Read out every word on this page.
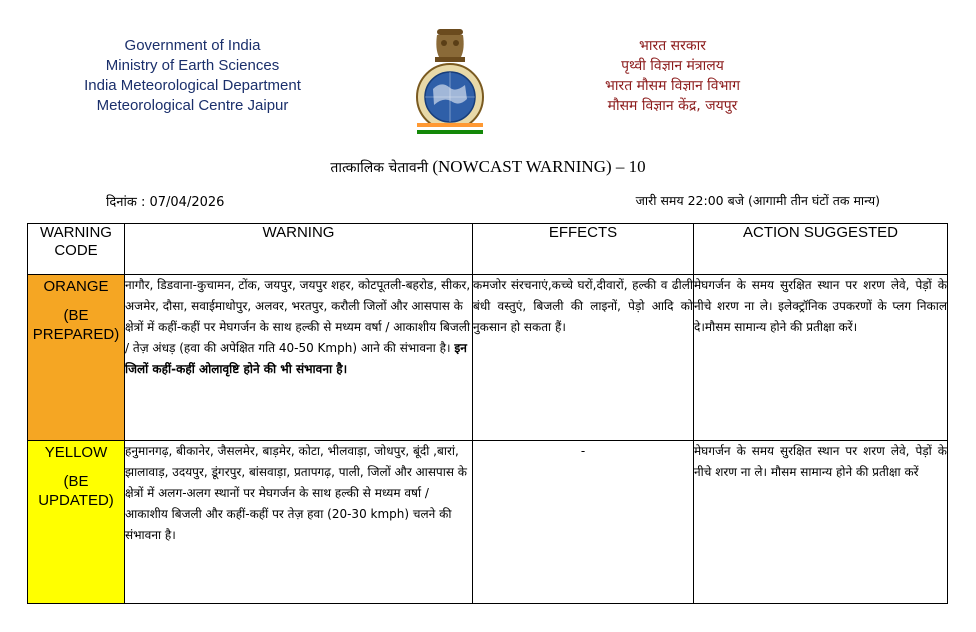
Government of India
Ministry of Earth Sciences
India Meteorological Department
Meteorological Centre Jaipur
भारत सरकार
पृथ्वी विज्ञान मंत्रालय
भारत मौसम विज्ञान विभाग
मौसम विज्ञान केंद्र, जयपुर
तात्कालिक चेतावनी (NOWCAST WARNING) – 10
दिनांक : 07/04/2026	जारी समय 22:00 बजे (आगामी तीन घंटों तक मान्य)
WARNING
CODE	WARNING	EFFECTS	ACTION SUGGESTED

ORANGE
(BE PREPARED)	नागौर, डिडवाना-कुचामन, टोंक, जयपुर, जयपुर शहर, कोटपूतली-बहरोड, सीकर, अजमेर, दौसा, सवाईमाधोपुर, अलवर, भरतपुर, करौली जिलों और आसपास के क्षेत्रों में कहीं-कहीं पर मेघगर्जन के साथ हल्की से मध्यम वर्षा / आकाशीय बिजली / तेज़ अंधड़ (हवा की अपेक्षित गति 40-50 Kmph) आने की संभावना है। इन जिलों कहीं-कहीं ओलावृष्टि होने की भी संभावना है।	कमजोर संरचनाएं,कच्चे घरों,दीवारों, हल्की व ढीली बंधी वस्तुएं, बिजली की लाइनों, पेड़ो आदि को नुकसान हो सकता हैं।	मेघगर्जन के समय सुरक्षित स्थान पर शरण लेवे, पेड़ों के नीचे शरण ना ले। इलेक्ट्रॉनिक उपकरणों के प्लग निकाल दे।मौसम सामान्य होने की प्रतीक्षा करें।

YELLOW
(BE UPDATED)	हनुमानगढ़, बीकानेर, जैसलमेर, बाड़मेर, कोटा, भीलवाड़ा, जोधपुर, बूंदी ,बारां, झालावाड़, उदयपुर, डूंगरपुर, बांसवाड़ा, प्रतापगढ़, पाली, जिलों और आसपास के क्षेत्रों में अलग-अलग स्थानों पर मेघगर्जन के साथ हल्की से मध्यम वर्षा / आकाशीय बिजली और कहीं-कहीं पर तेज़ हवा (20-30 kmph) चलने की संभावना है।	-	मेघगर्जन के समय सुरक्षित स्थान पर शरण लेवे, पेड़ों के नीचे शरण ना ले। मौसम सामान्य होने की प्रतीक्षा करें
